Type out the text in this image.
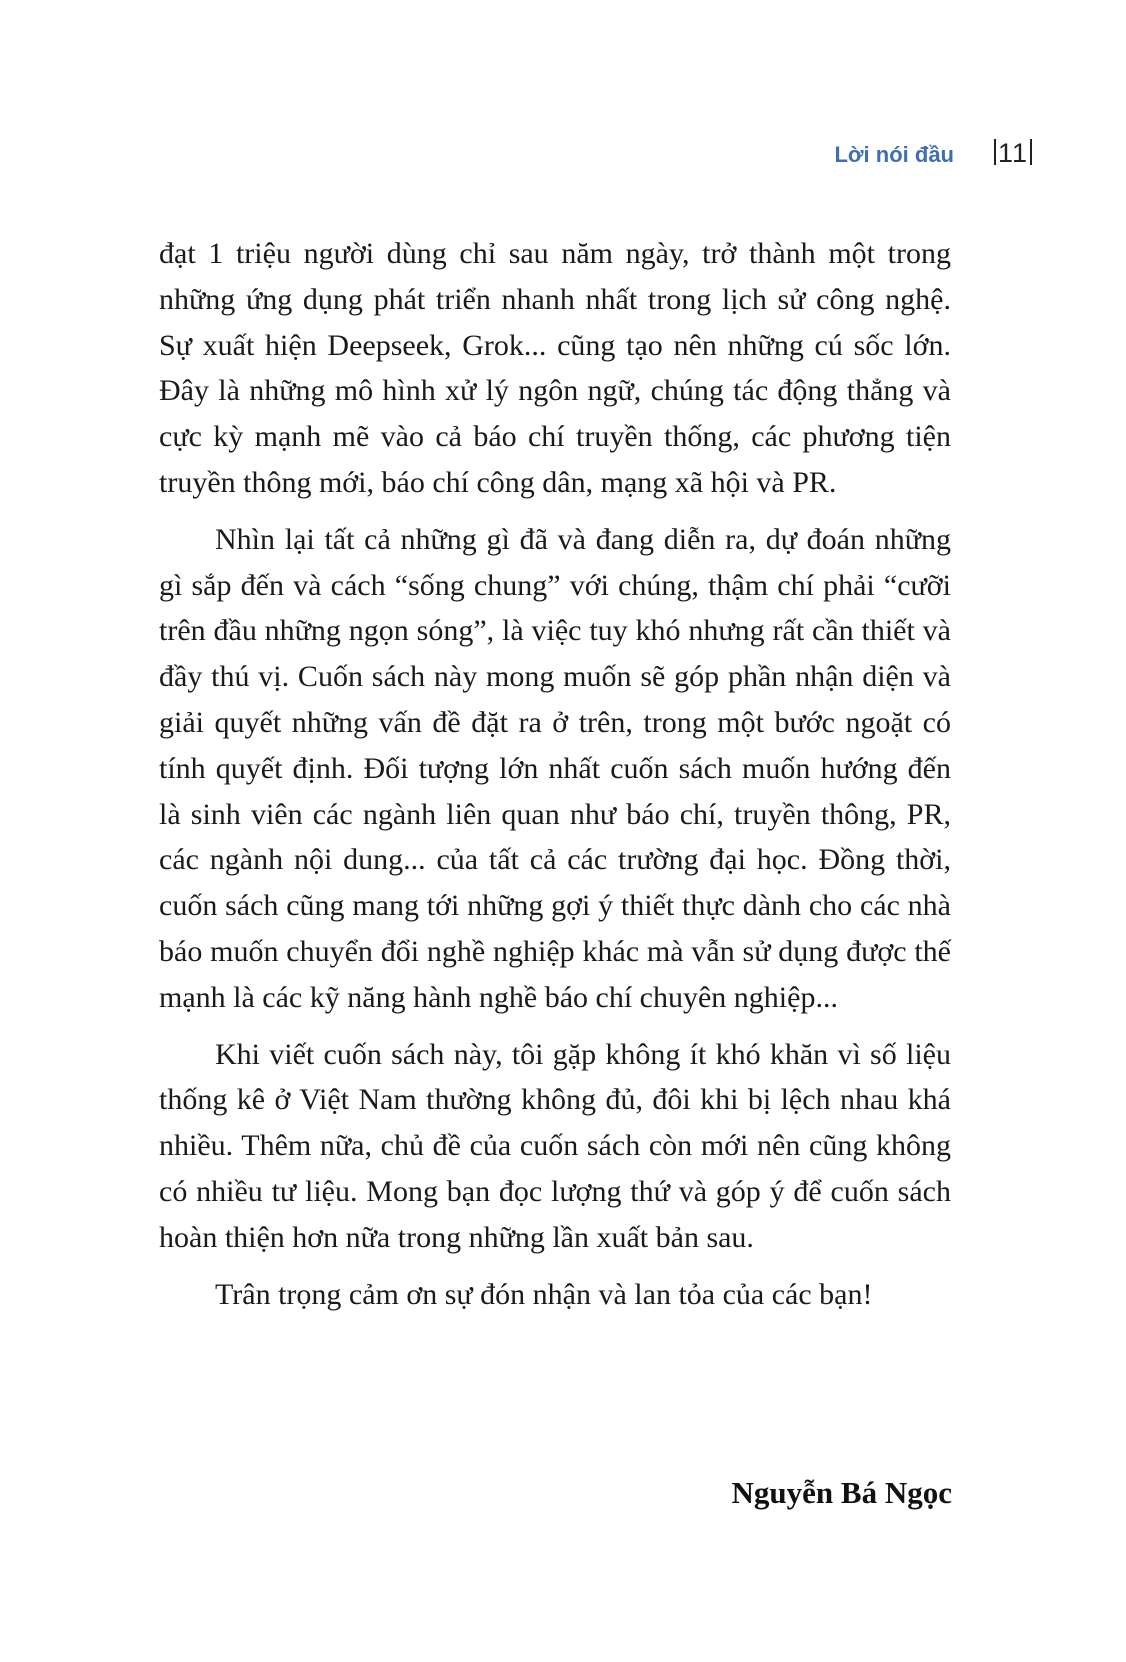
Lời nói đầu 11

đạt 1 triệu người dùng chỉ sau năm ngày, trở thành một trong những ứng dụng phát triển nhanh nhất trong lịch sử công nghệ. Sự xuất hiện Deepseek, Grok... cũng tạo nên những cú sốc lớn. Đây là những mô hình xử lý ngôn ngữ, chúng tác động thẳng và cực kỳ mạnh mẽ vào cả báo chí truyền thống, các phương tiện truyền thông mới, báo chí công dân, mạng xã hội và PR.

Nhìn lại tất cả những gì đã và đang diễn ra, dự đoán những gì sắp đến và cách “sống chung” với chúng, thậm chí phải “cưỡi trên đầu những ngọn sóng”, là việc tuy khó nhưng rất cần thiết và đầy thú vị. Cuốn sách này mong muốn sẽ góp phần nhận diện và giải quyết những vấn đề đặt ra ở trên, trong một bước ngoặt có tính quyết định. Đối tượng lớn nhất cuốn sách muốn hướng đến là sinh viên các ngành liên quan như báo chí, truyền thông, PR, các ngành nội dung... của tất cả các trường đại học. Đồng thời, cuốn sách cũng mang tới những gợi ý thiết thực dành cho các nhà báo muốn chuyển đổi nghề nghiệp khác mà vẫn sử dụng được thế mạnh là các kỹ năng hành nghề báo chí chuyên nghiệp...

Khi viết cuốn sách này, tôi gặp không ít khó khăn vì số liệu thống kê ở Việt Nam thường không đủ, đôi khi bị lệch nhau khá nhiều. Thêm nữa, chủ đề của cuốn sách còn mới nên cũng không có nhiều tư liệu. Mong bạn đọc lượng thứ và góp ý để cuốn sách hoàn thiện hơn nữa trong những lần xuất bản sau.

Trân trọng cảm ơn sự đón nhận và lan tỏa của các bạn!

Nguyễn Bá Ngọc
